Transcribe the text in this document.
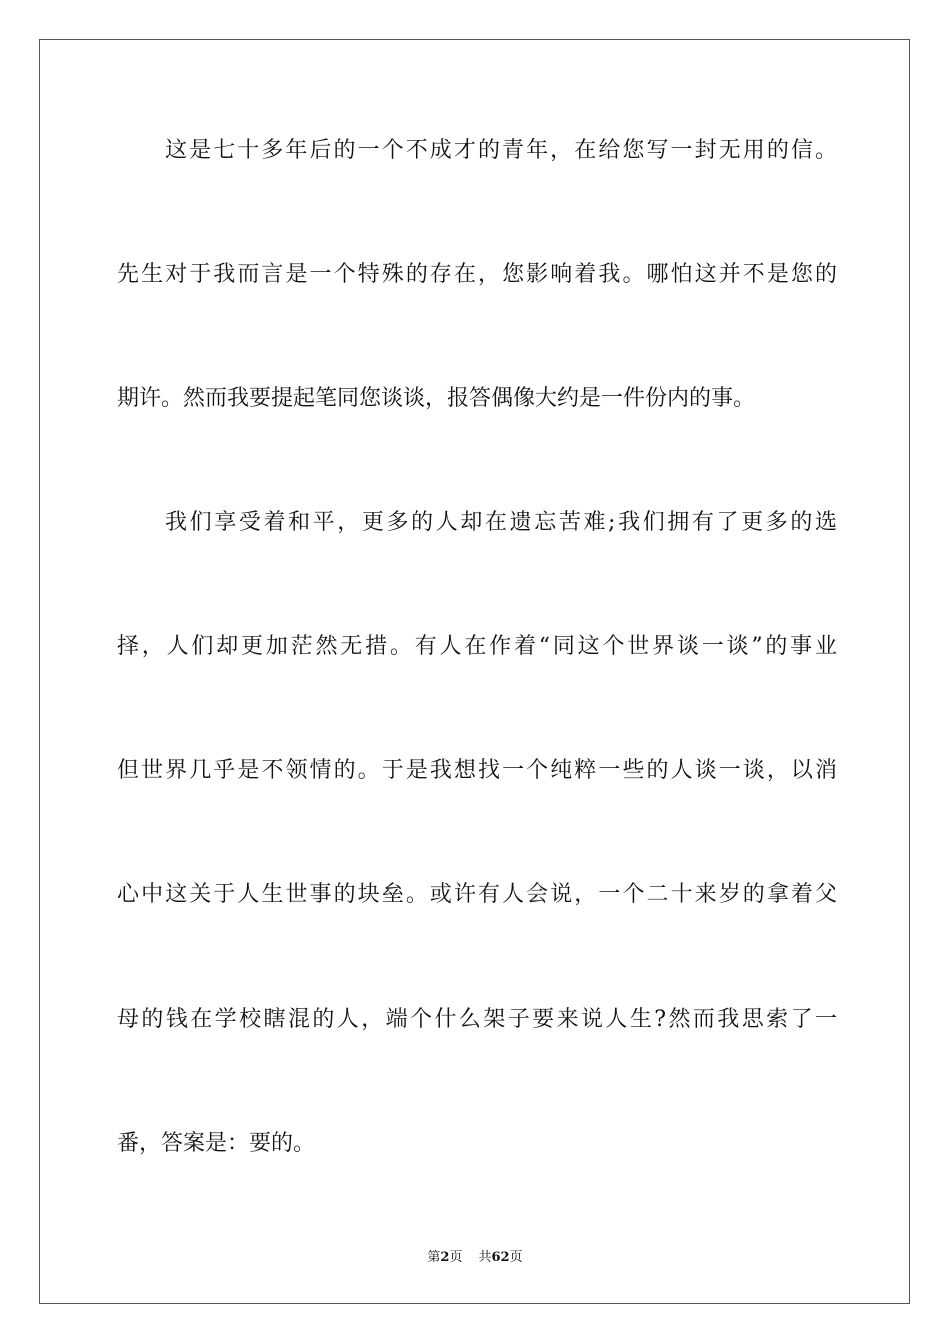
这是七十多年后的一个不成才的青年，在给您写一封无用的信。
先生对于我而言是一个特殊的存在，您影响着我。哪怕这并不是您的
期许。然而我要提起笔同您谈谈，报答偶像大约是一件份内的事。
我们享受着和平，更多的人却在遗忘苦难;我们拥有了更多的选
择，人们却更加茫然无措。有人在作着“同这个世界谈一谈”的事业
但世界几乎是不领情的。于是我想找一个纯粹一些的人谈一谈，以消
心中这关于人生世事的块垒。或许有人会说，一个二十来岁的拿着父
母的钱在学校瞎混的人，端个什么架子要来说人生?然而我思索了一
番，答案是：要的。
第2页 共62页
